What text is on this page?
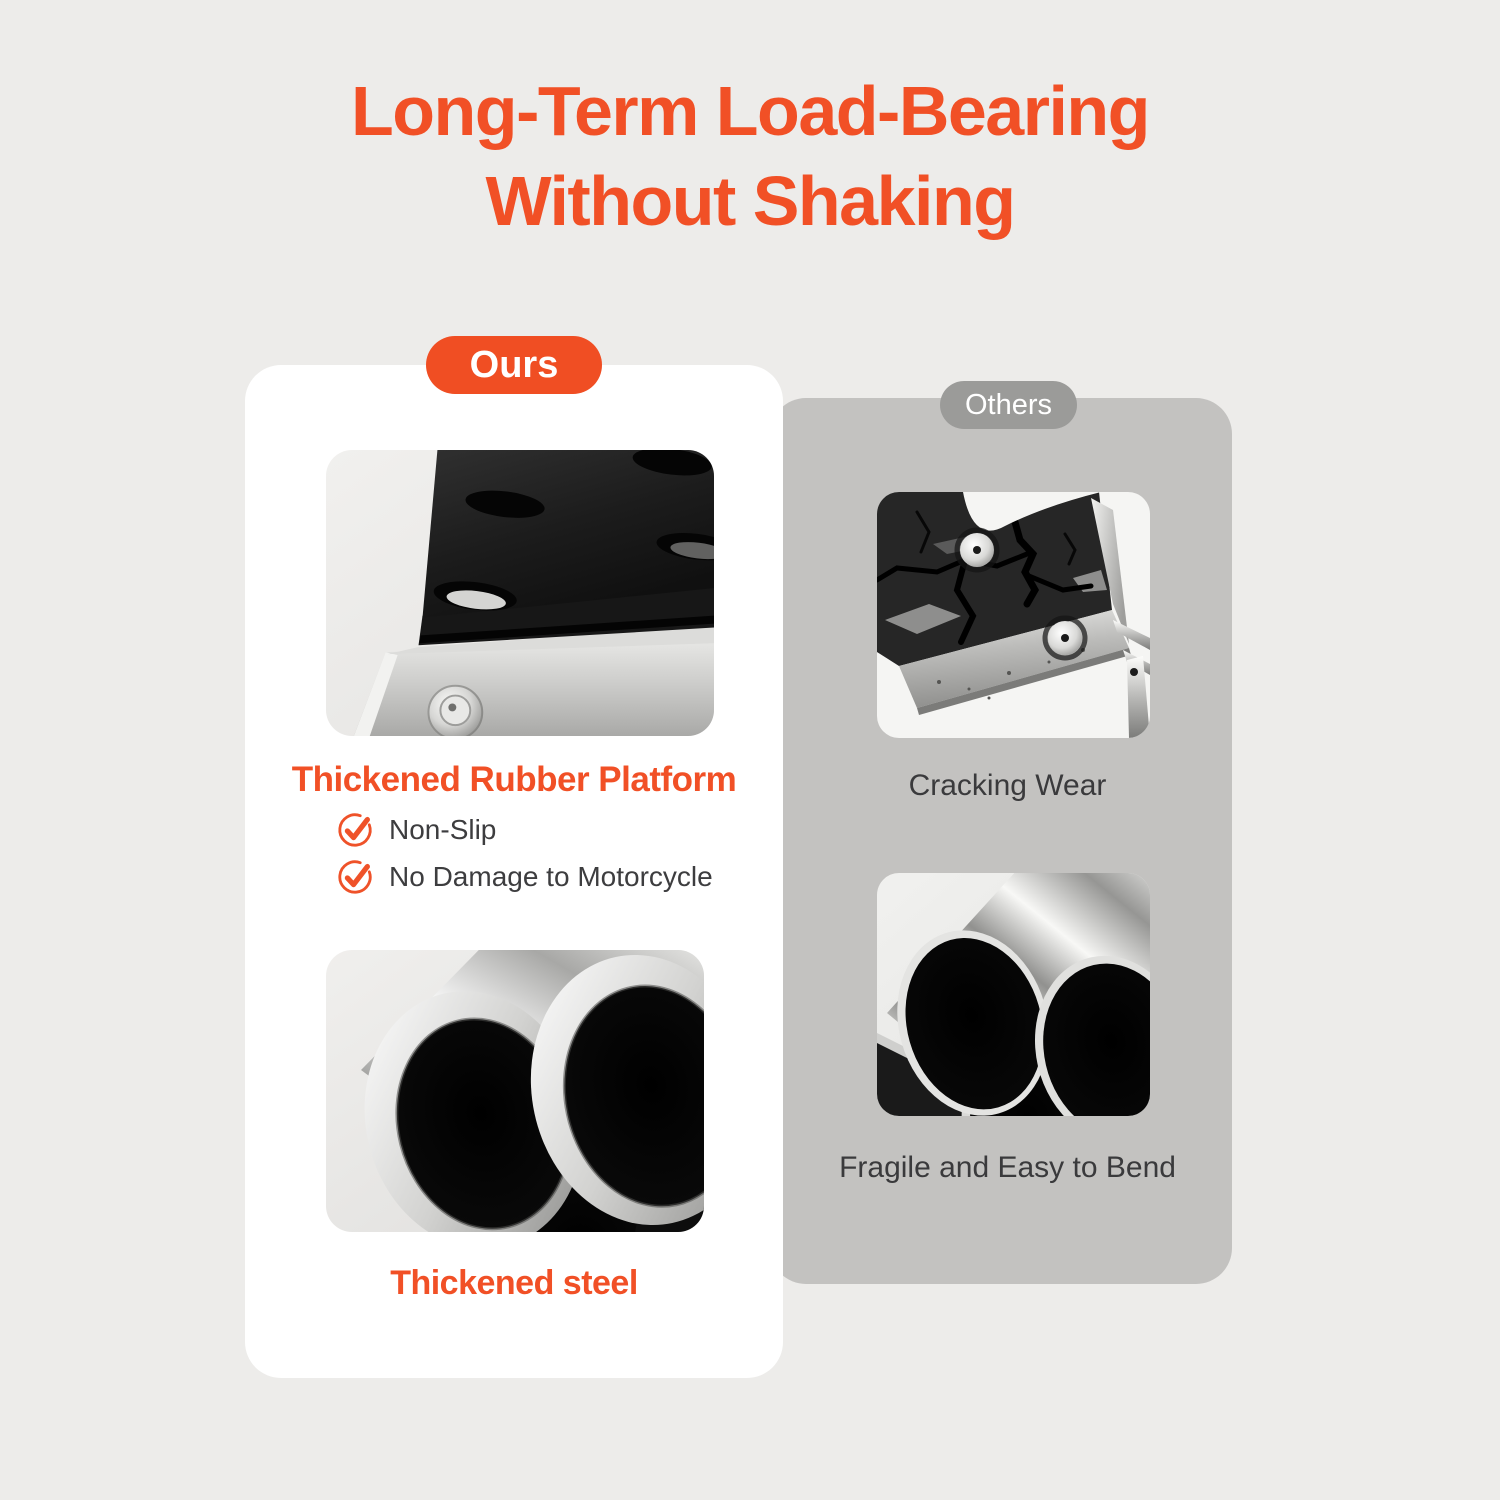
Long-Term Load-Bearing
Without Shaking
Ours
Others
Thickened Rubber Platform
Thickened steel
Cracking Wear
Fragile and Easy to Bend
Non-Slip
No Damage to Motorcycle
